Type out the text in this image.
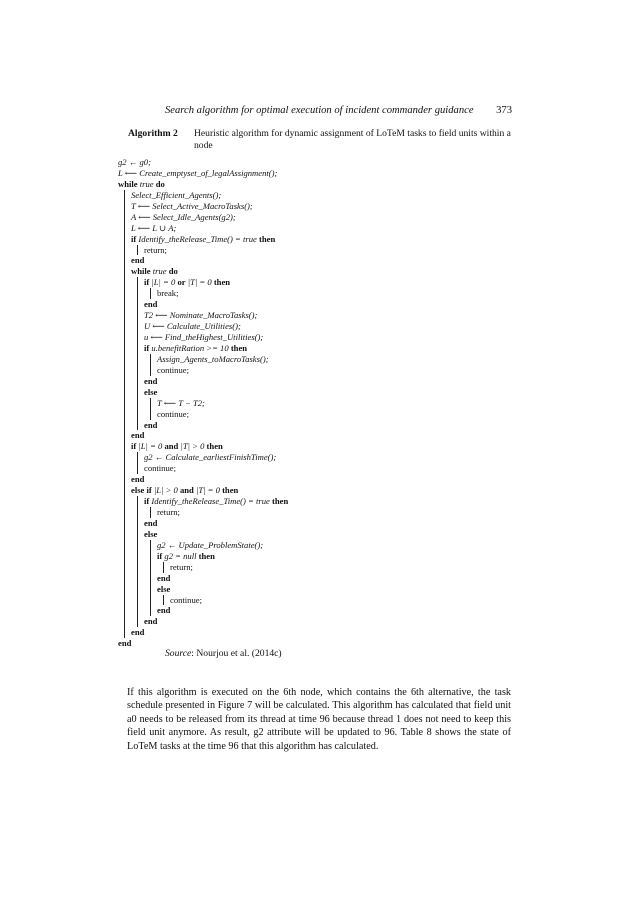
Search algorithm for optimal execution of incident commander guidance 373
Algorithm 2	Heuristic algorithm for dynamic assignment of LoTeM tasks to field units within a node
g2 ← g0;
L ⟵ Create_emptyset_of_legalAssignment();
while true do
Select_Efficient_Agents();
T ⟵ Select_Active_MacroTasks();
A ⟵ Select_Idle_Agents(g2);
L ⟵ L ∪ A;
if Identify_theRelease_Time() = true then
return;
end
while true do
if |L| = 0 or |T| = 0 then
break;
end
T2 ⟵ Nominate_MacroTasks();
U ⟵ Calculate_Utilities();
u ⟵ Find_theHighest_Utilities();
if u.benefitRation >= 10 then
Assign_Agents_toMacroTasks();
continue;
end
else
T ⟵ T − T2;
continue;
end
end
if |L| = 0 and |T| > 0 then
g2 ← Calculate_earliestFinishTime();
continue;
end
else if |L| > 0 and |T| = 0 then
if Identify_theRelease_Time() = true then
return;
end
else
g2 ← Update_ProblemState();
if g2 = null then
return;
end
else
continue;
end
end
end
end
Source: Nourjou et al. (2014c)
If this algorithm is executed on the 6th node, which contains the 6th alternative, the task schedule presented in Figure 7 will be calculated. This algorithm has calculated that field unit a0 needs to be released from its thread at time 96 because thread 1 does not need to keep this field unit anymore. As result, g2 attribute will be updated to 96. Table 8 shows the state of LoTeM tasks at the time 96 that this algorithm has calculated.
